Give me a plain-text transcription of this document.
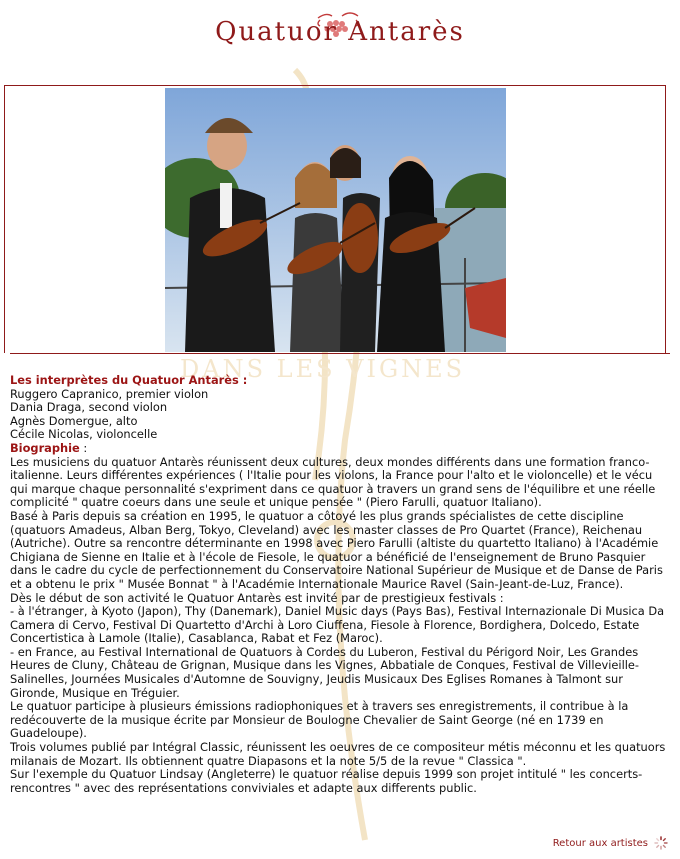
DANS LES VIGNES
Quatuor Antarès

Les interprètes du Quatuor Antarès :

Ruggero Capranico, premier violon

Dania Draga, second violon

Agnès Domergue, alto

Cécile Nicolas, violoncelle

Biographie :

Les musiciens du quatuor Antarès réunissent deux cultures, deux mondes différents dans une formation franco-italienne. Leurs différentes expériences ( l'Italie pour les violons, la France pour l'alto et le violoncelle) et le vécu qui marque chaque personnalité s'expriment dans ce quatuor à travers un grand sens de l'équilibre et une réelle complicité " quatre coeurs dans une seule et unique pensée " (Piero Farulli, quatuor Italiano).

Basé à Paris depuis sa création en 1995, le quatuor a côtoyé les plus grands spécialistes de cette discipline (quatuors Amadeus, Alban Berg, Tokyo, Cleveland) avec les master classes de Pro Quartet (France), Reichenau (Autriche). Outre sa rencontre déterminante en 1998 avec Piero Farulli (altiste du quartetto Italiano) à l'Académie Chigiana de Sienne en Italie et à l'école de Fiesole, le quatuor a bénéficié de l'enseignement de Bruno Pasquier dans le cadre du cycle de perfectionnement du Conservatoire National Supérieur de Musique et de Danse de Paris et a obtenu le prix " Musée Bonnat " à l'Académie Internationale Maurice Ravel (Sain-Jeant-de-Luz, France).

Dès le début de son activité le Quatuor Antarès est invité par de prestigieux festivals :

- à l'étranger, à Kyoto (Japon), Thy (Danemark), Daniel Music days (Pays Bas), Festival Internazionale Di Musica Da Camera di Cervo, Festival Di Quartetto d'Archi à Loro Ciuffena, Fiesole à Florence, Bordighera, Dolcedo, Estate Concertistica à Lamole (Italie), Casablanca, Rabat et Fez (Maroc).

- en France, au Festival International de Quatuors à Cordes du Luberon, Festival du Périgord Noir, Les Grandes Heures de Cluny, Château de Grignan, Musique dans les Vignes, Abbatiale de Conques, Festival de Villevieille-Salinelles, Journées Musicales d'Automne de Souvigny, Jeudis Musicaux Des Eglises Romanes à Talmont sur Gironde, Musique en Tréguier.

Le quatuor participe à plusieurs émissions radiophoniques et à travers ses enregistrements, il contribue à la redécouverte de la musique écrite par Monsieur de Boulogne Chevalier de Saint George (né en 1739 en Guadeloupe).

Trois volumes publié par Intégral Classic, réunissent les oeuvres de ce compositeur métis méconnu et les quatuors milanais de Mozart. Ils obtiennent quatre Diapasons et la note 5/5 de la revue " Classica ".

Sur l'exemple du Quatuor Lindsay (Angleterre) le quatuor réalise depuis 1999 son projet intitulé " les concerts-rencontres " avec des représentations conviviales et adapte aux differents public.

Retour aux artistes
